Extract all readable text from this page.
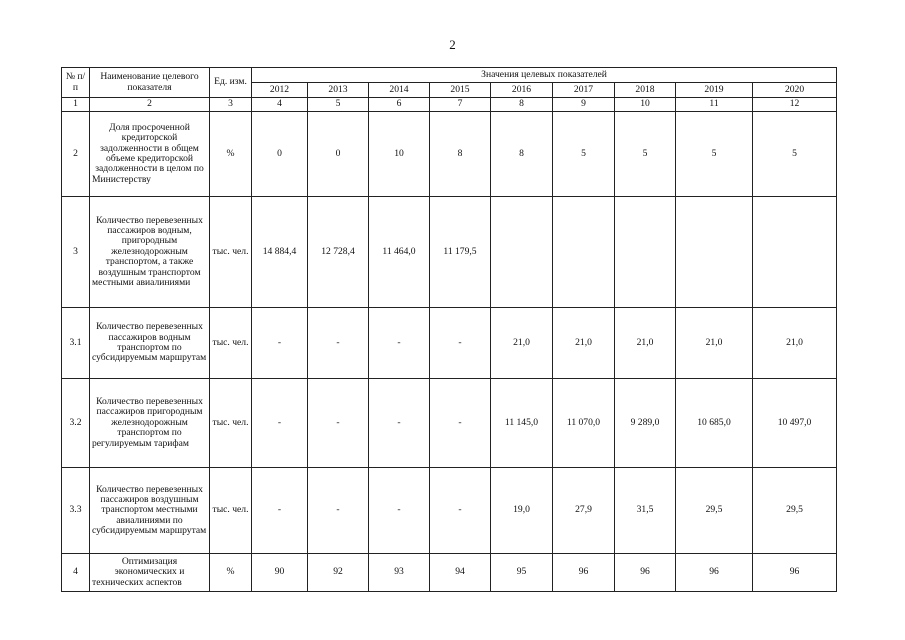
2
№ п/п	Наименование целевого показателя	Ед. изм.	Значения целевых показателей								
			2012	2013	2014	2015	2016	2017	2018	2019	2020
1	2	3	4	5	6	7	8	9	10	11	12
2	Доля просроченной кредиторской задолженности в общем объеме кредиторской задолженности в целом по Министерству	%	0	0	10	8	8	5	5	5	5
3	Количество перевезенных пассажиров водным, пригородным железнодорожным транспортом, а также воздушным транспортом местными авиалиниями	тыс. чел.	14 884,4	12 728,4	11 464,0	11 179,5					
3.1	Количество перевезенных пассажиров водным транспортом по субсидируемым маршрутам	тыс. чел.	-	-	-	-	21,0	21,0	21,0	21,0	21,0
3.2	Количество перевезенных пассажиров пригородным железнодорожным транспортом по регулируемым тарифам	тыс. чел.	-	-	-	-	11 145,0	11 070,0	9 289,0	10 685,0	10 497,0
3.3	Количество перевезенных пассажиров воздушным транспортом местными авиалиниями по субсидируемым маршрутам	тыс. чел.	-	-	-	-	19,0	27,9	31,5	29,5	29,5
4	Оптимизация экономических и технических аспектов	%	90	92	93	94	95	96	96	96	96
